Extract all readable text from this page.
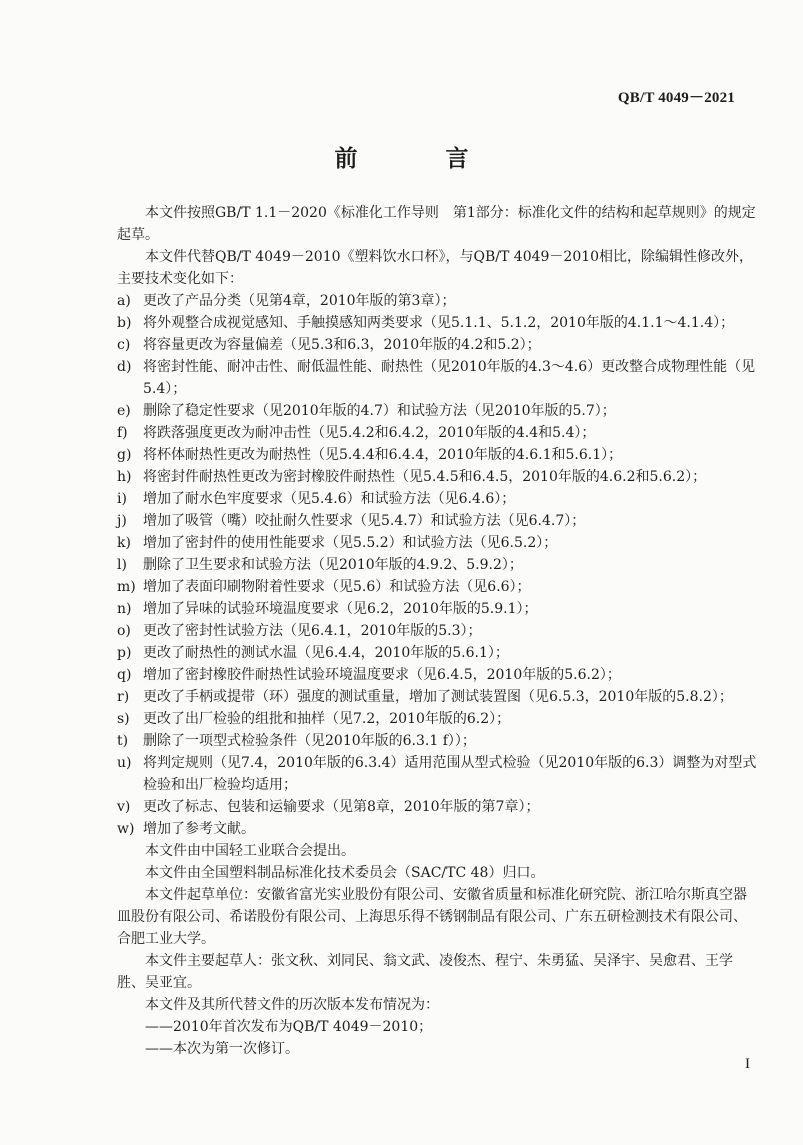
QB/T 4049－2021
前 言

本文件按照GB/T 1.1－2020《标准化工作导则　第1部分：标准化文件的结构和起草规则》的规定起草。

本文件代替QB/T 4049－2010《塑料饮水口杯》，与QB/T 4049－2010相比，除编辑性修改外，主要技术变化如下：

a) 更改了产品分类（见第4章，2010年版的第3章）；
b) 将外观整合成视觉感知、手触摸感知两类要求（见5.1.1、5.1.2，2010年版的4.1.1～4.1.4）；
c) 将容量更改为容量偏差（见5.3和6.3，2010年版的4.2和5.2）；
d) 将密封性能、耐冲击性、耐低温性能、耐热性（见2010年版的4.3～4.6）更改整合成物理性能（见5.4）；
e) 删除了稳定性要求（见2010年版的4.7）和试验方法（见2010年版的5.7）；
f)	将跌落强度更改为耐冲击性（见5.4.2和6.4.2，2010年版的4.4和5.4）；
g) 将杯体耐热性更改为耐热性（见5.4.4和6.4.4，2010年版的4.6.1和5.6.1）；
h) 将密封件耐热性更改为密封橡胶件耐热性（见5.4.5和6.4.5，2010年版的4.6.2和5.6.2）；
i)	增加了耐水色牢度要求（见5.4.6）和试验方法（见6.4.6）；
j)	增加了吸管（嘴）咬扯耐久性要求（见5.4.7）和试验方法（见6.4.7）；
k) 增加了密封件的使用性能要求（见5.5.2）和试验方法（见6.5.2）；
l)	删除了卫生要求和试验方法（见2010年版的4.9.2、5.9.2）；
m) 增加了表面印刷物附着性要求（见5.6）和试验方法（见6.6）；
n) 增加了异味的试验环境温度要求（见6.2，2010年版的5.9.1）；
o) 更改了密封性试验方法（见6.4.1，2010年版的5.3）；
p) 更改了耐热性的测试水温（见6.4.4，2010年版的5.6.1）；
q) 增加了密封橡胶件耐热性试验环境温度要求（见6.4.5，2010年版的5.6.2）；
r) 更改了手柄或提带（环）强度的测试重量，增加了测试装置图（见6.5.3，2010年版的5.8.2）；
s) 更改了出厂检验的组批和抽样（见7.2，2010年版的6.2）；
t)	删除了一项型式检验条件（见2010年版的6.3.1 f））；
u) 将判定规则（见7.4，2010年版的6.3.4）适用范围从型式检验（见2010年版的6.3）调整为对型式检验和出厂检验均适用；
v) 更改了标志、包装和运输要求（见第8章，2010年版的第7章）；
w) 增加了参考文献。

本文件由中国轻工业联合会提出。

本文件由全国塑料制品标准化技术委员会（SAC/TC 48）归口。

本文件起草单位：安徽省富光实业股份有限公司、安徽省质量和标准化研究院、浙江哈尔斯真空器皿股份有限公司、希诺股份有限公司、上海思乐得不锈钢制品有限公司、广东五研检测技术有限公司、合肥工业大学。

本文件主要起草人：张文秋、刘同民、翁文武、凌俊杰、程宁、朱勇猛、吴泽宇、吴愈君、王学胜、吴亚宜。

本文件及其所代替文件的历次版本发布情况为：

——2010年首次发布为QB/T 4049－2010；

——本次为第一次修订。

I
